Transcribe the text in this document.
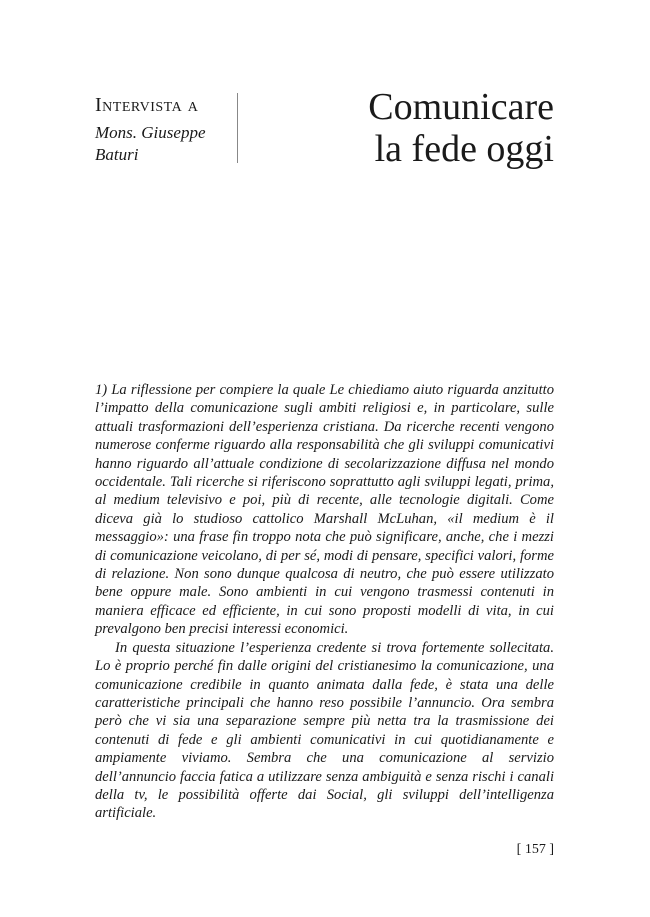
Intervista a

Mons. Giuseppe Baturi

Comunicare
la fede oggi

1) La riflessione per compiere la quale Le chiediamo aiuto riguarda anzitutto l’impatto della comunicazione sugli ambiti religiosi e, in particolare, sulle attuali trasformazioni dell’esperienza cristiana. Da ricerche recenti vengono numerose conferme riguardo alla responsabilità che gli sviluppi comunicativi hanno riguardo all’attuale condizione di secolarizzazione diffusa nel mondo occidentale. Tali ricerche si riferiscono soprattutto agli sviluppi legati, prima, al medium televisivo e poi, più di recente, alle tecnologie digitali. Come diceva già lo studioso cattolico Marshall McLuhan, «il medium è il messaggio»: una frase fin troppo nota che può significare, anche, che i mezzi di comunicazione veicolano, di per sé, modi di pensare, specifici valori, forme di relazione. Non sono dunque qualcosa di neutro, che può essere utilizzato bene oppure male. Sono ambienti in cui vengono trasmessi contenuti in maniera efficace ed efficiente, in cui sono proposti modelli di vita, in cui prevalgono ben precisi interessi economici.

In questa situazione l’esperienza credente si trova fortemente sollecitata. Lo è proprio perché fin dalle origini del cristianesimo la comunicazione, una comunicazione credibile in quanto animata dalla fede, è stata una delle caratteristiche principali che hanno reso possibile l’annuncio. Ora sembra però che vi sia una separazione sempre più netta tra la trasmissione dei contenuti di fede e gli ambienti comunicativi in cui quotidianamente e ampiamente viviamo. Sembra che una comunicazione al servizio dell’annuncio faccia fatica a utilizzare senza ambiguità e senza rischi i canali della tv, le possibilità offerte dai Social, gli sviluppi dell’intelligenza artificiale.

[ 157 ]
